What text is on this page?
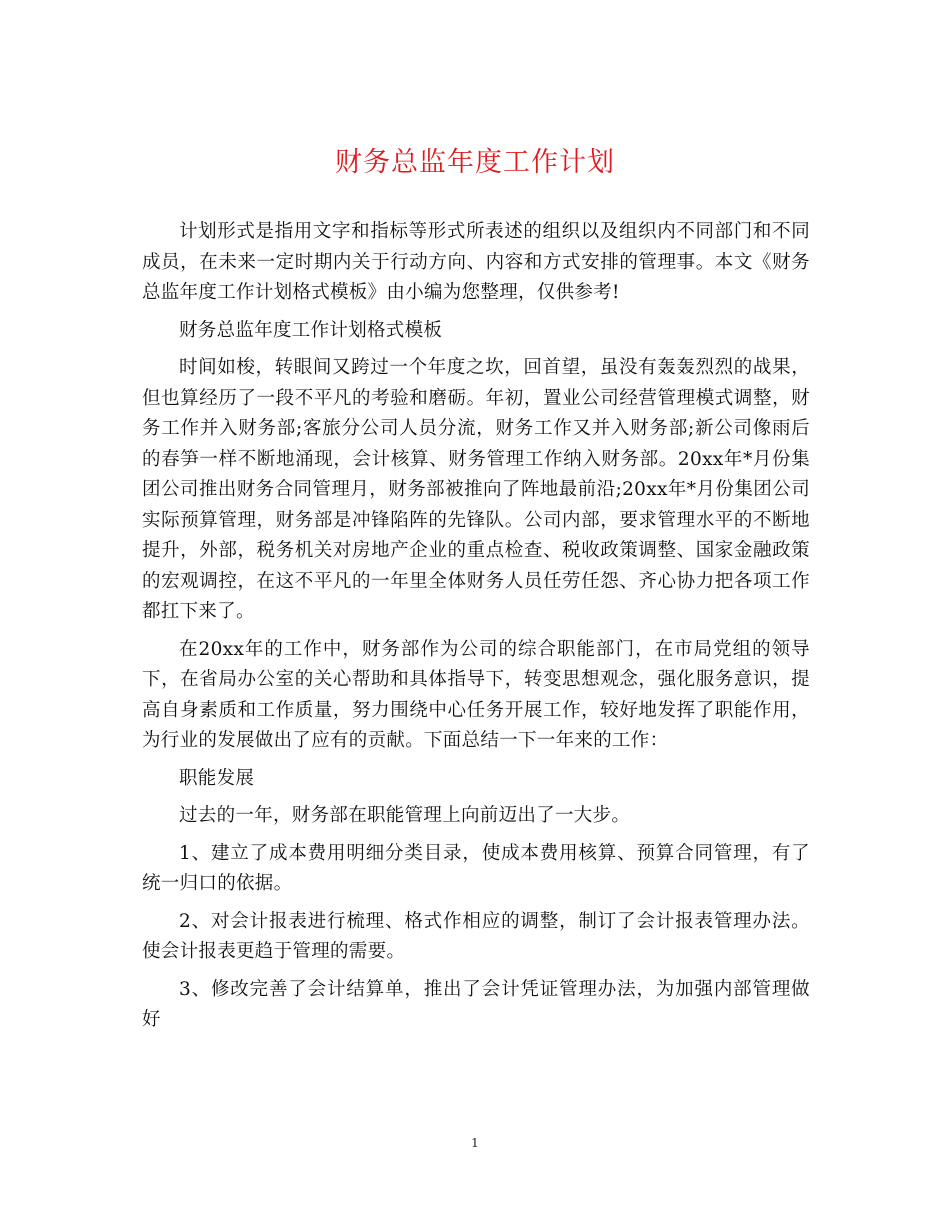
财务总监年度工作计划

计划形式是指用文字和指标等形式所表述的组织以及组织内不同部门和不同成员，在未来一定时期内关于行动方向、内容和方式安排的管理事。本文《财务总监年度工作计划格式模板》由小编为您整理，仅供参考!

财务总监年度工作计划格式模板

时间如梭，转眼间又跨过一个年度之坎，回首望，虽没有轰轰烈烈的战果，但也算经历了一段不平凡的考验和磨砺。年初，置业公司经营管理模式调整，财务工作并入财务部;客旅分公司人员分流，财务工作又并入财务部;新公司像雨后的春笋一样不断地涌现，会计核算、财务管理工作纳入财务部。20xx年*月份集团公司推出财务合同管理月，财务部被推向了阵地最前沿;20xx年*月份集团公司实际预算管理，财务部是冲锋陷阵的先锋队。公司内部，要求管理水平的不断地提升，外部，税务机关对房地产企业的重点检查、税收政策调整、国家金融政策的宏观调控，在这不平凡的一年里全体财务人员任劳任怨、齐心协力把各项工作都扛下来了。

在20xx年的工作中，财务部作为公司的综合职能部门，在市局党组的领导下，在省局办公室的关心帮助和具体指导下，转变思想观念，强化服务意识，提高自身素质和工作质量，努力围绕中心任务开展工作，较好地发挥了职能作用，为行业的发展做出了应有的贡献。下面总结一下一年来的工作：

职能发展

过去的一年，财务部在职能管理上向前迈出了一大步。

1、建立了成本费用明细分类目录，使成本费用核算、预算合同管理，有了统一归口的依据。

2、对会计报表进行梳理、格式作相应的调整，制订了会计报表管理办法。使会计报表更趋于管理的需要。

3、修改完善了会计结算单，推出了会计凭证管理办法，为加强内部管理做好

1
